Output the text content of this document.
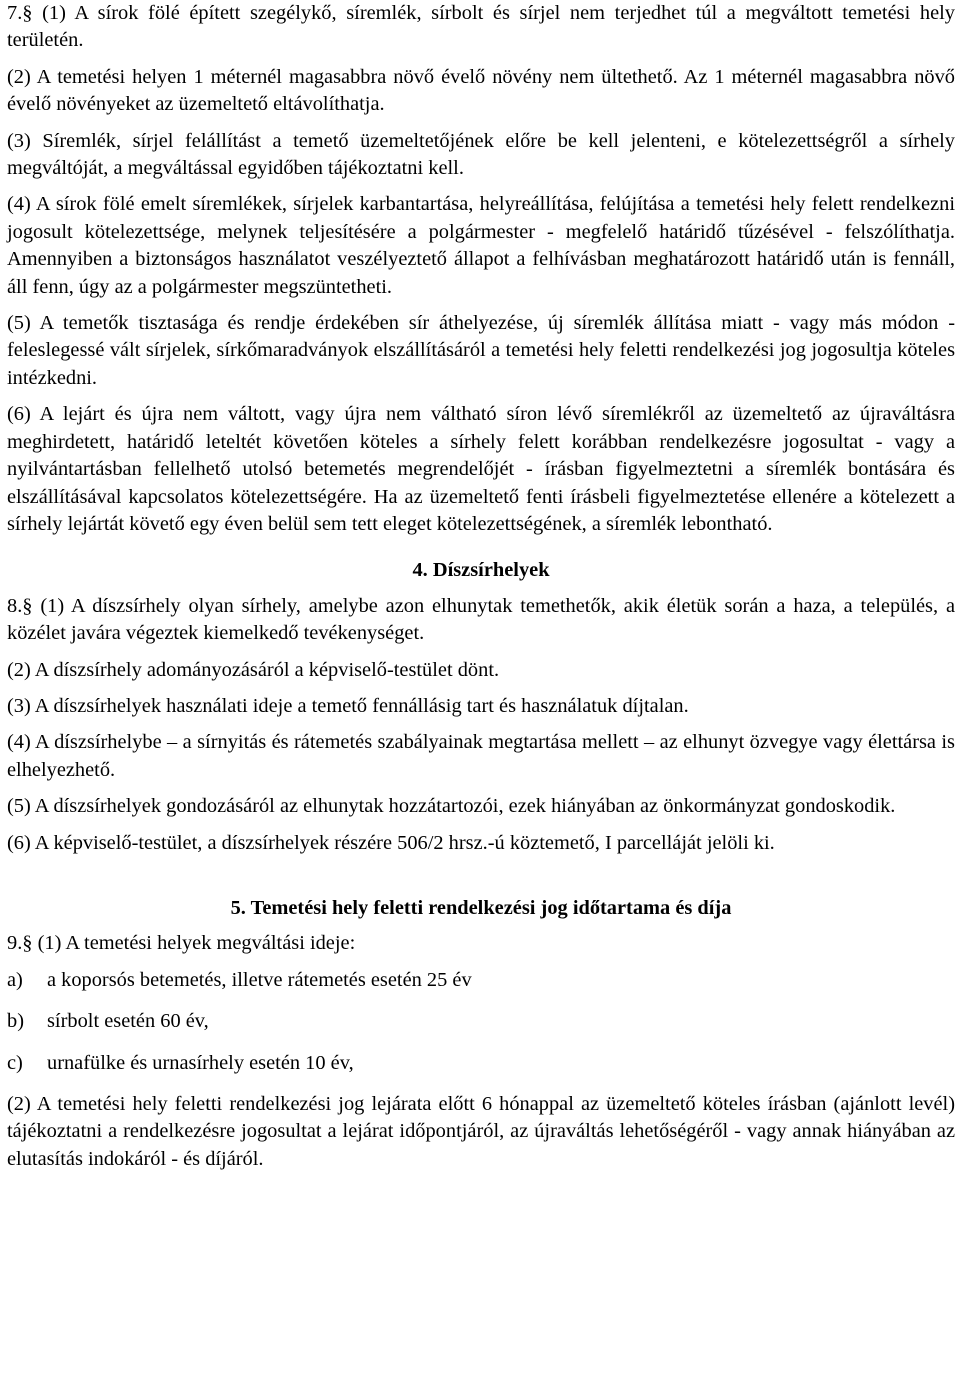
7.§ (1) A sírok fölé épített szegélykő, síremlék, sírbolt és sírjel nem terjedhet túl a megváltott temetési hely területén.

(2) A temetési helyen 1 méternél magasabbra növő évelő növény nem ültethető. Az 1 méternél magasabbra növő évelő növényeket az üzemeltető eltávolíthatja.

(3) Síremlék, sírjel felállítást a temető üzemeltetőjének előre be kell jelenteni, e kötelezettségről a sírhely megváltóját, a megváltással egyidőben tájékoztatni kell.

(4) A sírok fölé emelt síremlékek, sírjelek karbantartása, helyreállítása, felújítása a temetési hely felett rendelkezni jogosult kötelezettsége, melynek teljesítésére a polgármester - megfelelő határidő tűzésével - felszólíthatja. Amennyiben a biztonságos használatot veszélyeztető állapot a felhívásban meghatározott határidő után is fennáll, áll fenn, úgy az a polgármester megszüntetheti.

(5) A temetők tisztasága és rendje érdekében sír áthelyezése, új síremlék állítása miatt - vagy más módon - feleslegessé vált sírjelek, sírkőmaradványok elszállításáról a temetési hely feletti rendelkezési jog jogosultja köteles intézkedni.

(6) A lejárt és újra nem váltott, vagy újra nem váltható síron lévő síremlékről az üzemeltető az újraváltásra meghirdetett, határidő leteltét követően köteles a sírhely felett korábban rendelkezésre jogosultat - vagy a nyilvántartásban fellelhető utolsó betemetés megrendelőjét - írásban figyelmeztetni a síremlék bontására és elszállításával kapcsolatos kötelezettségére. Ha az üzemeltető fenti írásbeli figyelmeztetése ellenére a kötelezett a sírhely lejártát követő egy éven belül sem tett eleget kötelezettségének, a síremlék lebontható.

4. Díszsírhelyek

8.§ (1) A díszsírhely olyan sírhely, amelybe azon elhunytak temethetők, akik életük során a haza, a település, a közélet javára végeztek kiemelkedő tevékenységet.

(2) A díszsírhely adományozásáról a képviselő-testület dönt.

(3) A díszsírhelyek használati ideje a temető fennállásig tart és használatuk díjtalan.

(4) A díszsírhelybe – a sírnyitás és rátemetés szabályainak megtartása mellett – az elhunyt özvegye vagy élettársa is elhelyezhető.

(5) A díszsírhelyek gondozásáról az elhunytak hozzátartozói, ezek hiányában az önkormányzat gondoskodik.

(6) A képviselő-testület, a díszsírhelyek részére 506/2 hrsz.-ú köztemető, I parcelláját jelöli ki.

5. Temetési hely feletti rendelkezési jog időtartama és díja

9.§ (1) A temetési helyek megváltási ideje:

a)	a koporsós betemetés, illetve rátemetés esetén 25 év
b)	sírbolt esetén 60 év,
c)	urnafülke és urnasírhely esetén 10 év,

(2) A temetési hely feletti rendelkezési jog lejárata előtt 6 hónappal az üzemeltető köteles írásban (ajánlott levél) tájékoztatni a rendelkezésre jogosultat a lejárat időpontjáról, az újraváltás lehetőségéről - vagy annak hiányában az elutasítás indokáról - és díjáról.
